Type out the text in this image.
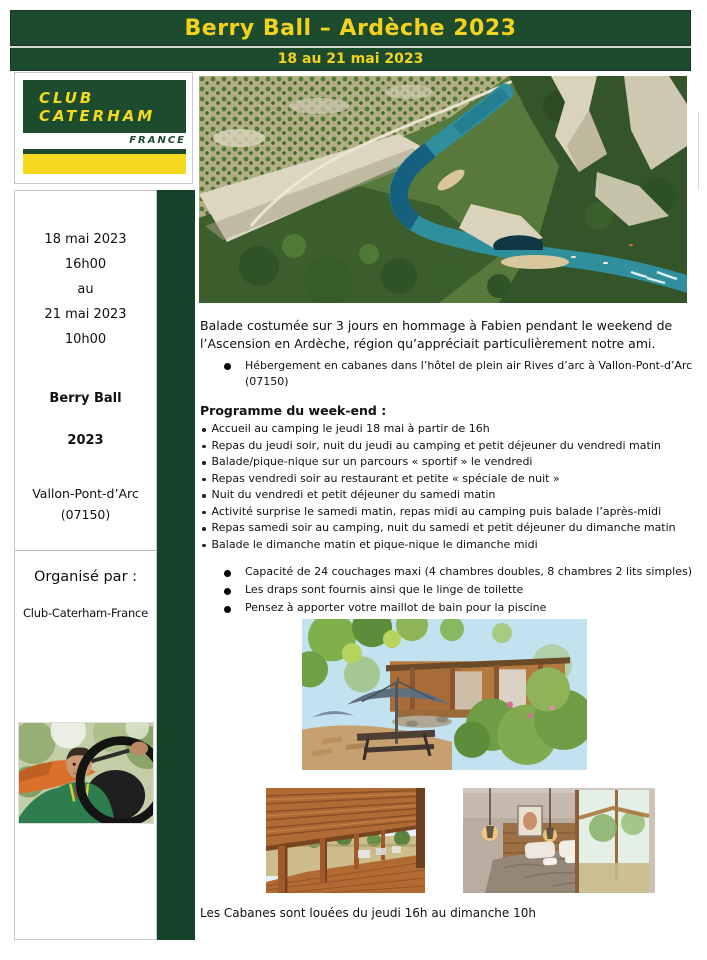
Berry Ball – Ardèche 2023
18 au 21 mai 2023
CLUB
CATERHAM
FRANCE
18 mai 2023
16h00
au
21 mai 2023
10h00
Berry Ball
2023
Vallon-Pont-d’Arc
(07150)
Organisé par :
Club-Caterham-France

Balade costumée sur 3 jours en hommage à Fabien pendant le weekend de l’Ascension en Ardèche, région qu’appréciait particulièrement notre ami.

Hébergement en cabanes dans l’hôtel de plein air Rives d’arc à Vallon-Pont-d’Arc (07150)
Programme du week-end :
Accueil au camping le jeudi 18 mai à partir de 16h
Repas du jeudi soir, nuit du jeudi au camping et petit déjeuner du vendredi matin
Balade/pique-nique sur un parcours « sportif » le vendredi
Repas vendredi soir au restaurant et petite « spéciale de nuit »
Nuit du vendredi et petit déjeuner du samedi matin
Activité surprise le samedi matin, repas midi au camping puis balade l’après-midi
Repas samedi soir au camping, nuit du samedi et petit déjeuner du dimanche matin
Balade le dimanche matin et pique-nique le dimanche midi
Capacité de 24 couchages maxi (4 chambres doubles, 8 chambres 2 lits simples)
Les draps sont fournis ainsi que le linge de toilette
Pensez à apporter votre maillot de bain pour la piscine
Les Cabanes sont louées du jeudi 16h au dimanche 10h
